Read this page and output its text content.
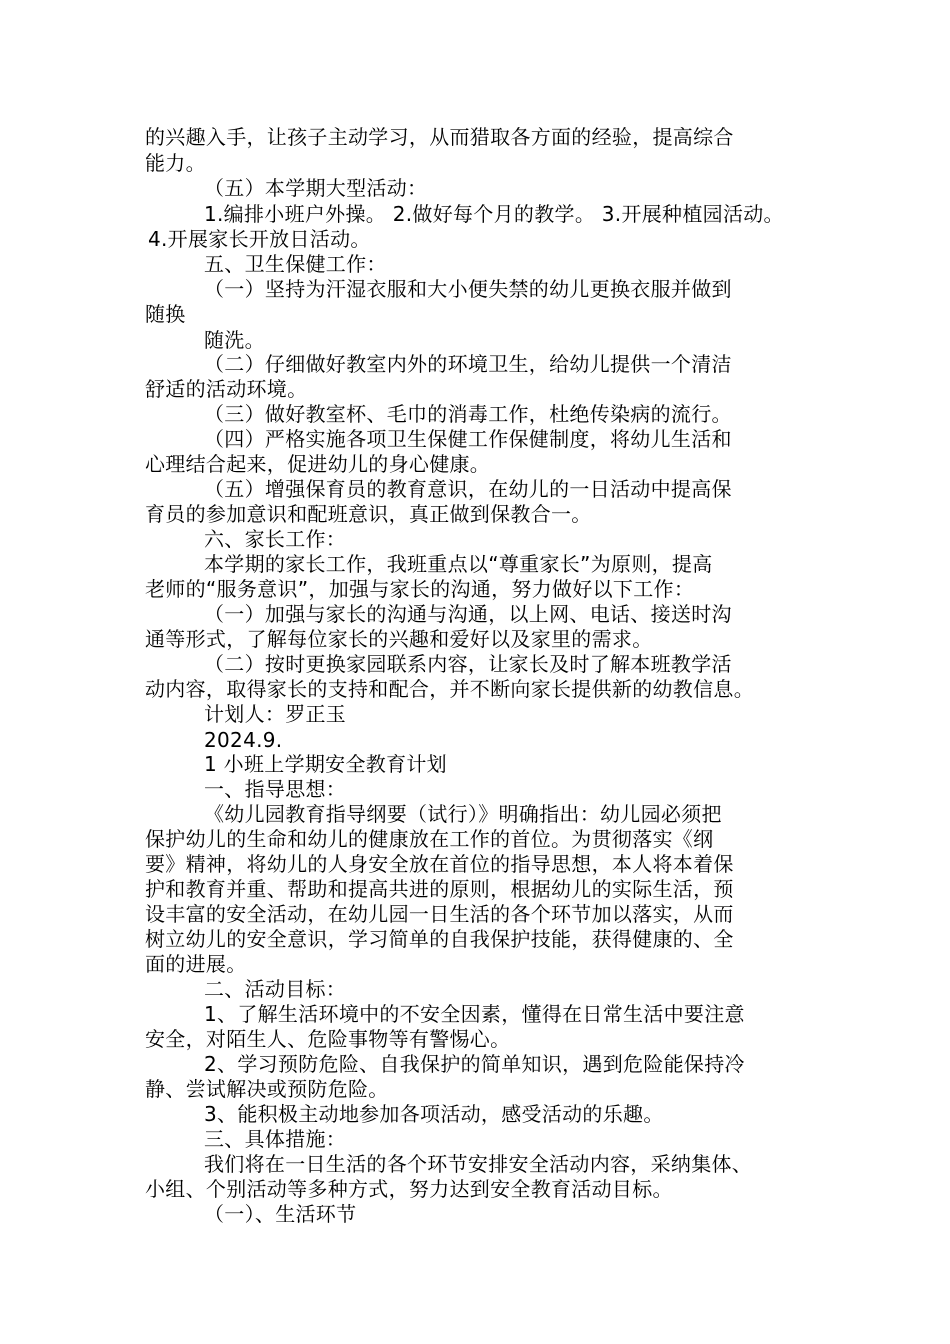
的兴趣入手，让孩子主动学习，从而猎取各方面的经验，提高综合
能力。
（五）本学期大型活动：
1.编排小班户外操。 2.做好每个月的教学。 3.开展种植园活动。
4.开展家长开放日活动。
五、卫生保健工作：
（一）坚持为汗湿衣服和大小便失禁的幼儿更换衣服并做到
随换
随洗。
（二）仔细做好教室内外的环境卫生，给幼儿提供一个清洁
舒适的活动环境。
（三）做好教室杯、毛巾的消毒工作，杜绝传染病的流行。
（四）严格实施各项卫生保健工作保健制度，将幼儿生活和
心理结合起来，促进幼儿的身心健康。
（五）增强保育员的教育意识，在幼儿的一日活动中提高保
育员的参加意识和配班意识，真正做到保教合一。
六、家长工作：
本学期的家长工作，我班重点以“尊重家长”为原则，提高
老师的“服务意识”，加强与家长的沟通，努力做好以下工作：
（一）加强与家长的沟通与沟通，以上网、电话、接送时沟
通等形式，了解每位家长的兴趣和爱好以及家里的需求。
（二）按时更换家园联系内容，让家长及时了解本班教学活
动内容，取得家长的支持和配合，并不断向家长提供新的幼教信息。
计划人：罗正玉
2024.9.
1 小班上学期安全教育计划
一、指导思想：
《幼儿园教育指导纲要（试行）》明确指出：幼儿园必须把
保护幼儿的生命和幼儿的健康放在工作的首位。为贯彻落实《纲
要》精神，将幼儿的人身安全放在首位的指导思想，本人将本着保
护和教育并重、帮助和提高共进的原则，根据幼儿的实际生活，预
设丰富的安全活动，在幼儿园一日生活的各个环节加以落实，从而
树立幼儿的安全意识，学习简单的自我保护技能，获得健康的、全
面的进展。
二、活动目标：
1、了解生活环境中的不安全因素，懂得在日常生活中要注意
安全，对陌生人、危险事物等有警惕心。
2、学习预防危险、自我保护的简单知识，遇到危险能保持冷
静、尝试解决或预防危险。
3、能积极主动地参加各项活动，感受活动的乐趣。
三、具体措施：
我们将在一日生活的各个环节安排安全活动内容，采纳集体、
小组、个别活动等多种方式，努力达到安全教育活动目标。
（一）、生活环节
